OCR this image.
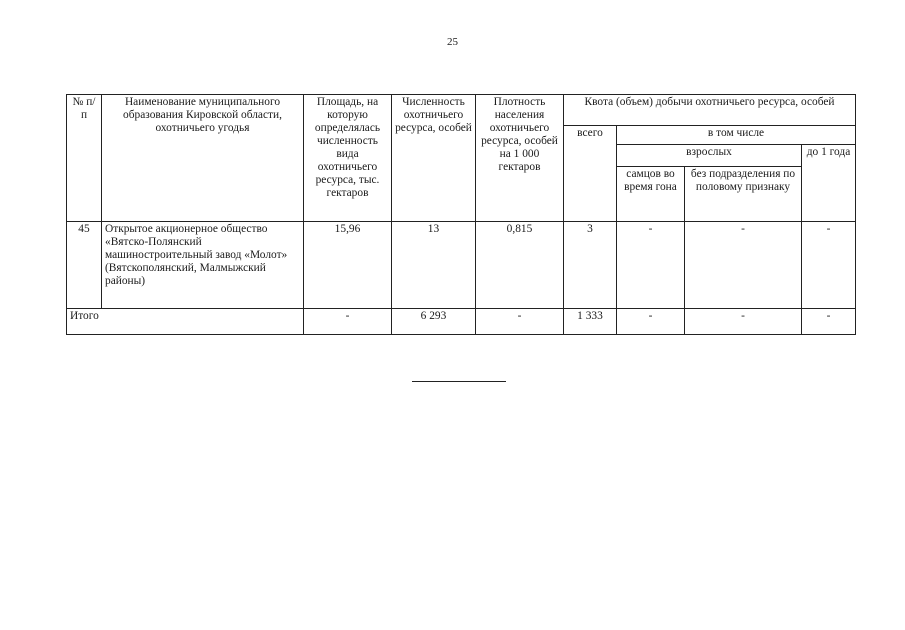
25
№ п/п	Наименование муниципального образования Кировской области, охотничьего угодья	Площадь, на которую определялась численность вида охотничьего ресурса, тыс. гектаров	Численность охотничьего ресурса, особей	Плотность населения охотничьего ресурса, особей на 1 000 гектаров	Квота (объем) добычи охотничьего ресурса, особей			
					всего	в том числе		
						взрослых		до 1 года
						самцов во время гона	без подразделения по половому признаку	
45	Открытое акционерное общество «Вятско-Полянский машиностроительный завод «Молот» (Вятскополянский, Малмыжский районы)	15,96	13	0,815	3	-	-	-
Итого		-	6 293	-	1 333	-	-	-
